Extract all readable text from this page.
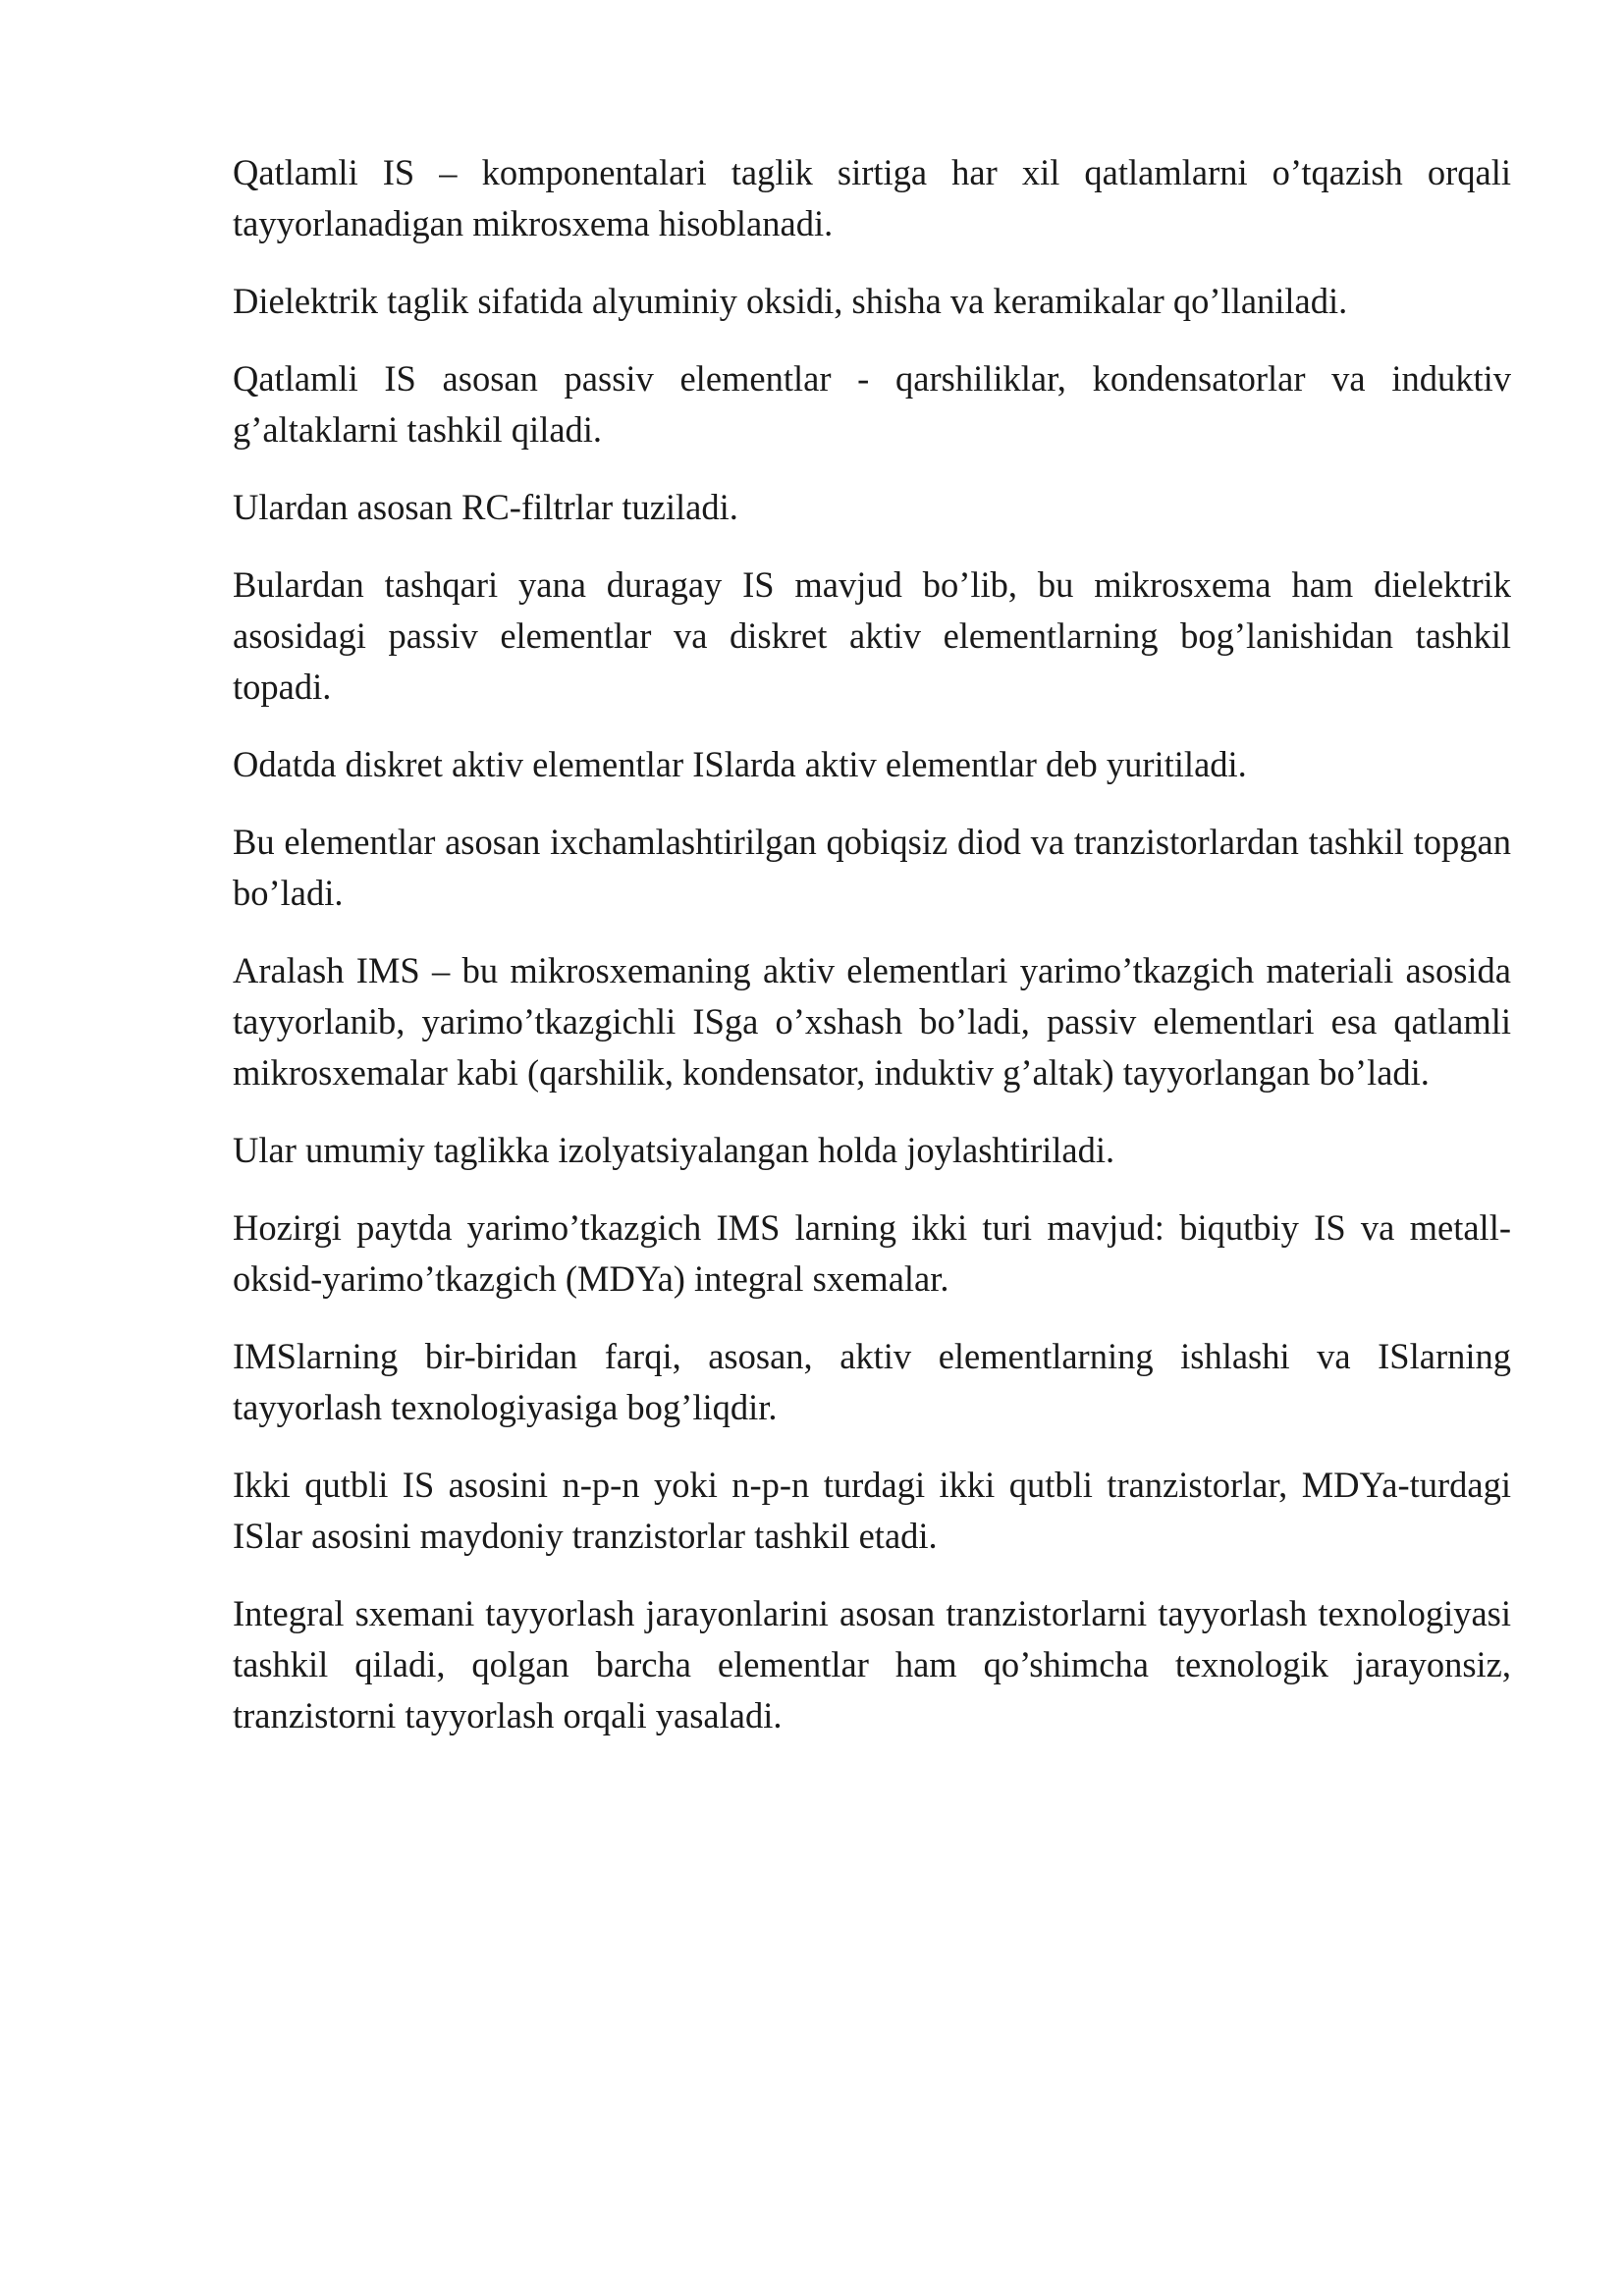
Qatlamli IS – komponentalari taglik sirtiga har xil qatlamlarni o’tqazish orqali tayyorlanadigan mikrosxema hisoblanadi.

Dielektrik taglik sifatida alyuminiy oksidi, shisha va keramikalar qo’llaniladi.

Qatlamli IS asosan passiv elementlar - qarshiliklar, kondensatorlar va induktiv g’altaklarni tashkil qiladi.

Ulardan asosan RC-filtrlar tuziladi.

Bulardan tashqari yana duragay IS mavjud bo’lib, bu mikrosxema ham dielektrik asosidagi passiv elementlar va diskret aktiv elementlarning bog’lanishidan tashkil topadi.

Odatda diskret aktiv elementlar ISlarda aktiv elementlar deb yuritiladi.

Bu elementlar asosan ixchamlashtirilgan qobiqsiz diod va tranzistorlardan tashkil topgan bo’ladi.

Aralash IMS – bu mikrosxemaning aktiv elementlari yarimo’tkazgich materiali asosida tayyorlanib, yarimo’tkazgichli ISga o’xshash bo’ladi, passiv elementlari esa qatlamli mikrosxemalar kabi (qarshilik, kondensator, induktiv g’altak) tayyorlangan bo’ladi.

Ular umumiy taglikka izolyatsiyalangan holda joylashtiriladi.

Hozirgi paytda yarimo’tkazgich IMS larning ikki turi mavjud: biqutbiy IS va metall-oksid-yarimo’tkazgich (MDYa) integral sxemalar.

IMSlarning bir-biridan farqi, asosan, aktiv elementlarning ishlashi va ISlarning tayyorlash texnologiyasiga bog’liqdir.

Ikki qutbli IS asosini n-p-n yoki n-p-n turdagi ikki qutbli tranzistorlar, MDYa-turdagi ISlar asosini maydoniy tranzistorlar tashkil etadi.

Integral sxemani tayyorlash jarayonlarini asosan tranzistorlarni tayyorlash texnologiyasi tashkil qiladi, qolgan barcha elementlar ham qo’shimcha texnologik jarayonsiz, tranzistorni tayyorlash orqali yasaladi.
